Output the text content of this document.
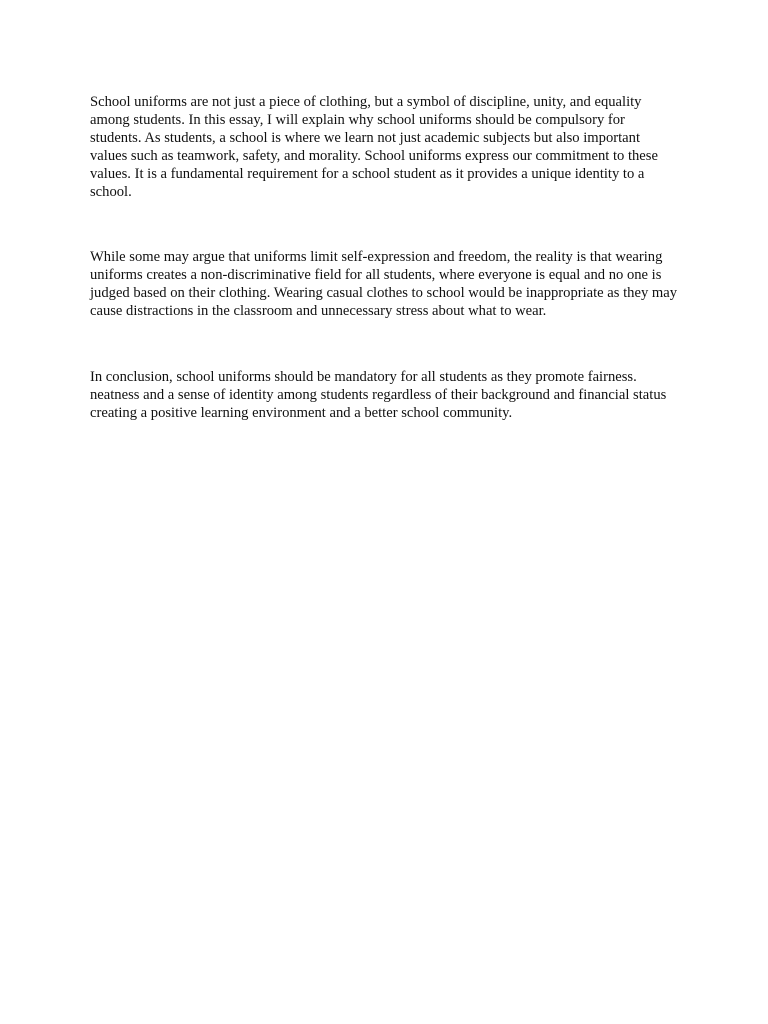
School uniforms are not just a piece of clothing, but a symbol of discipline, unity, and equality among students. In this essay, I will explain why school uniforms should be compulsory for students. As students, a school is where we learn not just academic subjects but also important values such as teamwork, safety, and morality. School uniforms express our commitment to these values. It is a fundamental requirement for a school student as it provides a unique identity to a school.

While some may argue that uniforms limit self-expression and freedom, the reality is that wearing uniforms creates a non-discriminative field for all students, where everyone is equal and no one is judged based on their clothing. Wearing casual clothes to school would be inappropriate as they may cause distractions in the classroom and unnecessary stress about what to wear.

In conclusion, school uniforms should be mandatory for all students as they promote fairness. neatness and a sense of identity among students regardless of their background and financial status creating a positive learning environment and a better school community.
